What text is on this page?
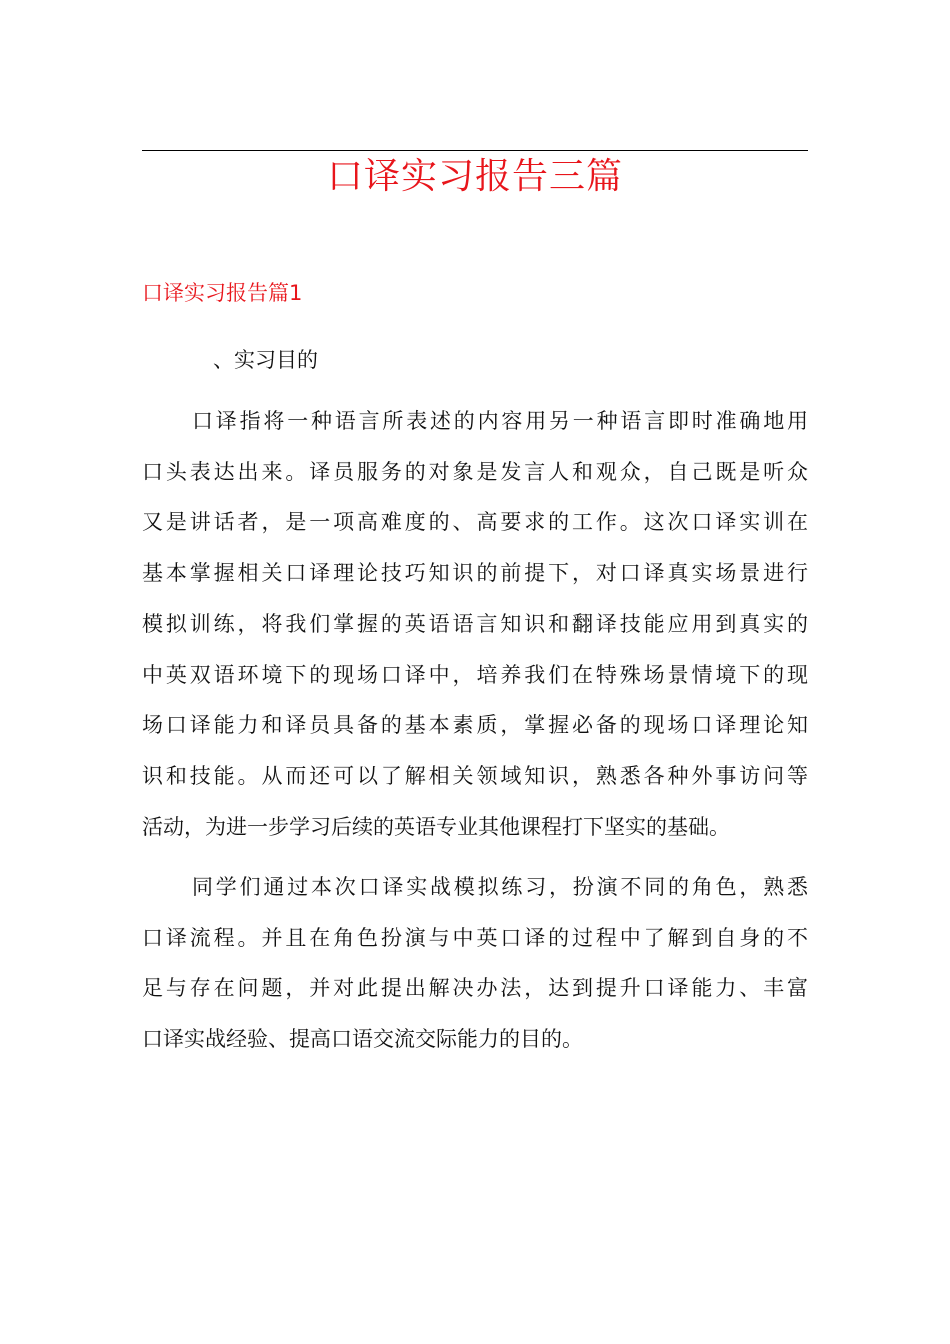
口译实习报告三篇
口译实习报告篇1

、实习目的

口译指将一种语言所表述的内容用另一种语言即时准确地用
口头表达出来。译员服务的对象是发言人和观众，自己既是听众
又是讲话者，是一项高难度的、高要求的工作。这次口译实训在
基本掌握相关口译理论技巧知识的前提下，对口译真实场景进行
模拟训练，将我们掌握的英语语言知识和翻译技能应用到真实的
中英双语环境下的现场口译中，培养我们在特殊场景情境下的现
场口译能力和译员具备的基本素质，掌握必备的现场口译理论知
识和技能。从而还可以了解相关领域知识，熟悉各种外事访问等
活动，为进一步学习后续的英语专业其他课程打下坚实的基础。

同学们通过本次口译实战模拟练习，扮演不同的角色，熟悉
口译流程。并且在角色扮演与中英口译的过程中了解到自身的不
足与存在问题，并对此提出解决办法，达到提升口译能力、丰富
口译实战经验、提高口语交流交际能力的目的。
